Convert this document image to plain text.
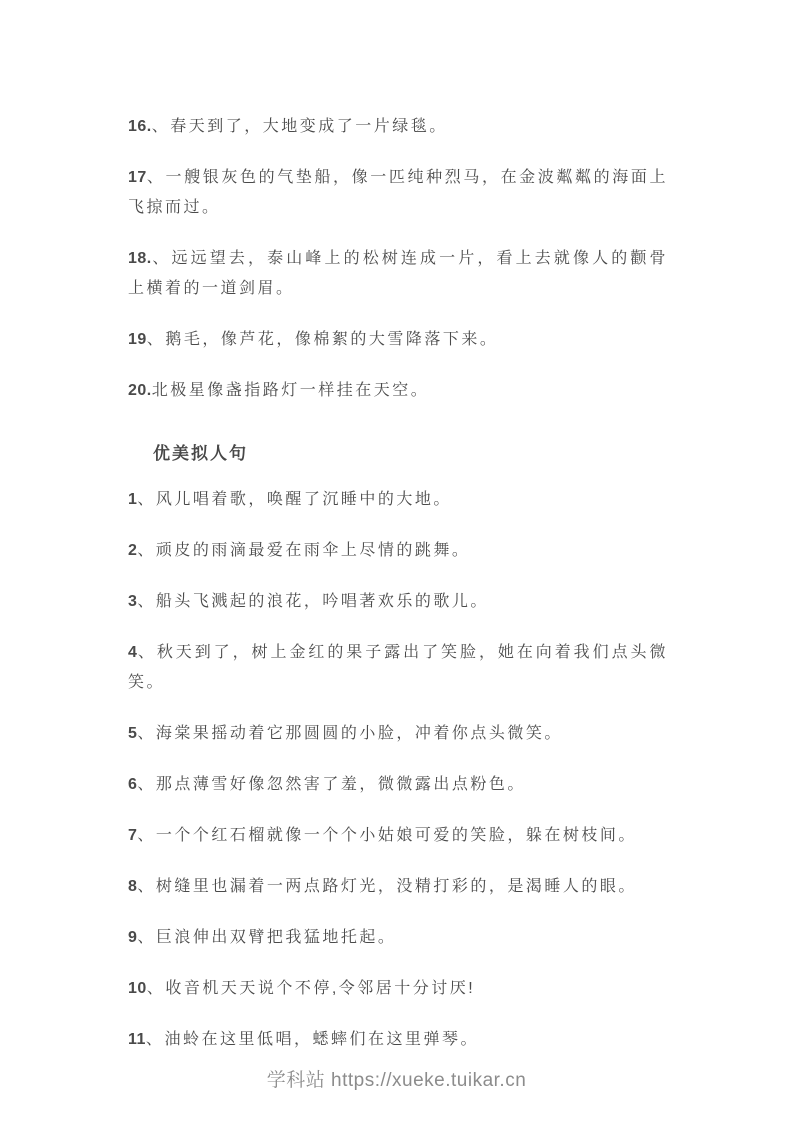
16.、春天到了，大地变成了一片绿毯。

17、一艘银灰色的气垫船，像一匹纯种烈马，在金波粼粼的海面上飞掠而过。

18.、远远望去，泰山峰上的松树连成一片，看上去就像人的颧骨上横着的一道剑眉。

19、鹅毛，像芦花，像棉絮的大雪降落下来。

20.北极星像盏指路灯一样挂在天空。

优美拟人句

1、风儿唱着歌，唤醒了沉睡中的大地。

2、顽皮的雨滴最爱在雨伞上尽情的跳舞。

3、船头飞溅起的浪花，吟唱著欢乐的歌儿。

4、秋天到了，树上金红的果子露出了笑脸，她在向着我们点头微笑。

5、海棠果摇动着它那圆圆的小脸，冲着你点头微笑。

6、那点薄雪好像忽然害了羞，微微露出点粉色。

7、一个个红石榴就像一个个小姑娘可爱的笑脸，躲在树枝间。

8、树缝里也漏着一两点路灯光，没精打彩的，是渴睡人的眼。

9、巨浪伸出双臂把我猛地托起。

10、收音机天天说个不停,令邻居十分讨厌!

11、油蛉在这里低唱，蟋蟀们在这里弹琴。

学科站 https://xueke.tuikar.cn
